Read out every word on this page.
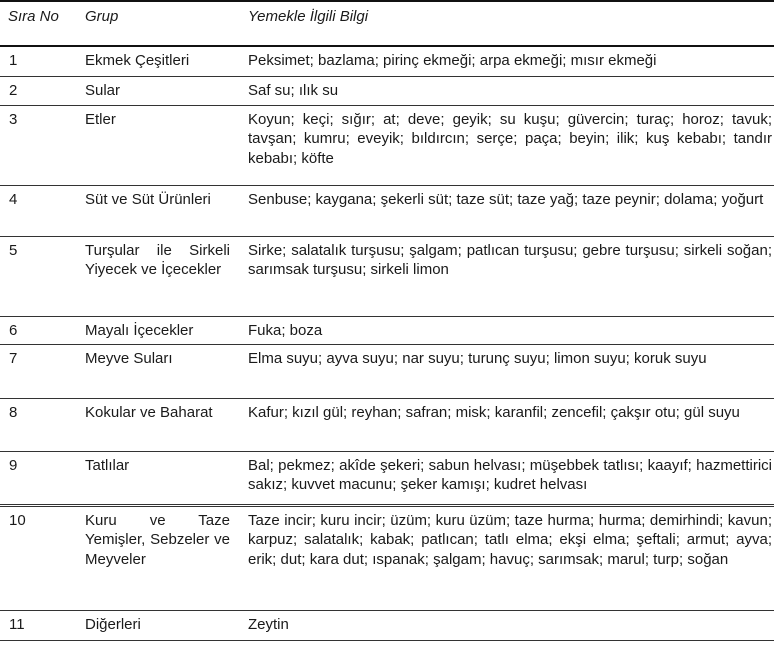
Sıra No	Grup	Yemekle İlgili Bilgi
1	Ekmek Çeşitleri	Peksimet; bazlama; pirinç ekmeği; arpa ekmeği; mısır ekmeği
2	Sular	Saf su; ılık su
3	Etler	Koyun; keçi; sığır; at; deve; geyik; su kuşu; güvercin; turaç; horoz; tavuk; tavşan; kumru; eveyik; bıldırcın; serçe; paça; beyin; ilik; kuş kebabı; tandır kebabı; köfte
4	Süt ve Süt Ürünleri	Senbuse; kaygana; şekerli süt; taze süt; taze yağ; taze peynir; dolama; yoğurt
5	Turşular ile Sirkeli Yiyecek ve İçecekler	Sirke; salatalık turşusu; şalgam; patlıcan turşusu; gebre turşusu; sirkeli soğan; sarımsak turşusu; sirkeli limon
6	Mayalı İçecekler	Fuka; boza
7	Meyve Suları	Elma suyu; ayva suyu; nar suyu; turunç suyu; limon suyu; koruk suyu
8	Kokular ve Baharat	Kafur; kızıl gül; reyhan; safran; misk; karanfil; zencefil; çakşır otu; gül suyu
9	Tatlılar	Bal; pekmez; akîde şekeri; sabun helvası; müşebbek tatlısı; kaayıf; hazmettirici sakız; kuvvet macunu; şeker kamışı; kudret helvası
10	Kuru ve Taze Yemişler, Sebzeler ve Meyveler	Taze incir; kuru incir; üzüm; kuru üzüm; taze hurma; hurma; demirhindi; kavun; karpuz; salatalık; kabak; patlıcan; tatlı elma; ekşi elma; şeftali; armut; ayva; erik; dut; kara dut; ıspanak; şalgam; havuç; sarımsak; marul; turp; soğan
11	Diğerleri	Zeytin
